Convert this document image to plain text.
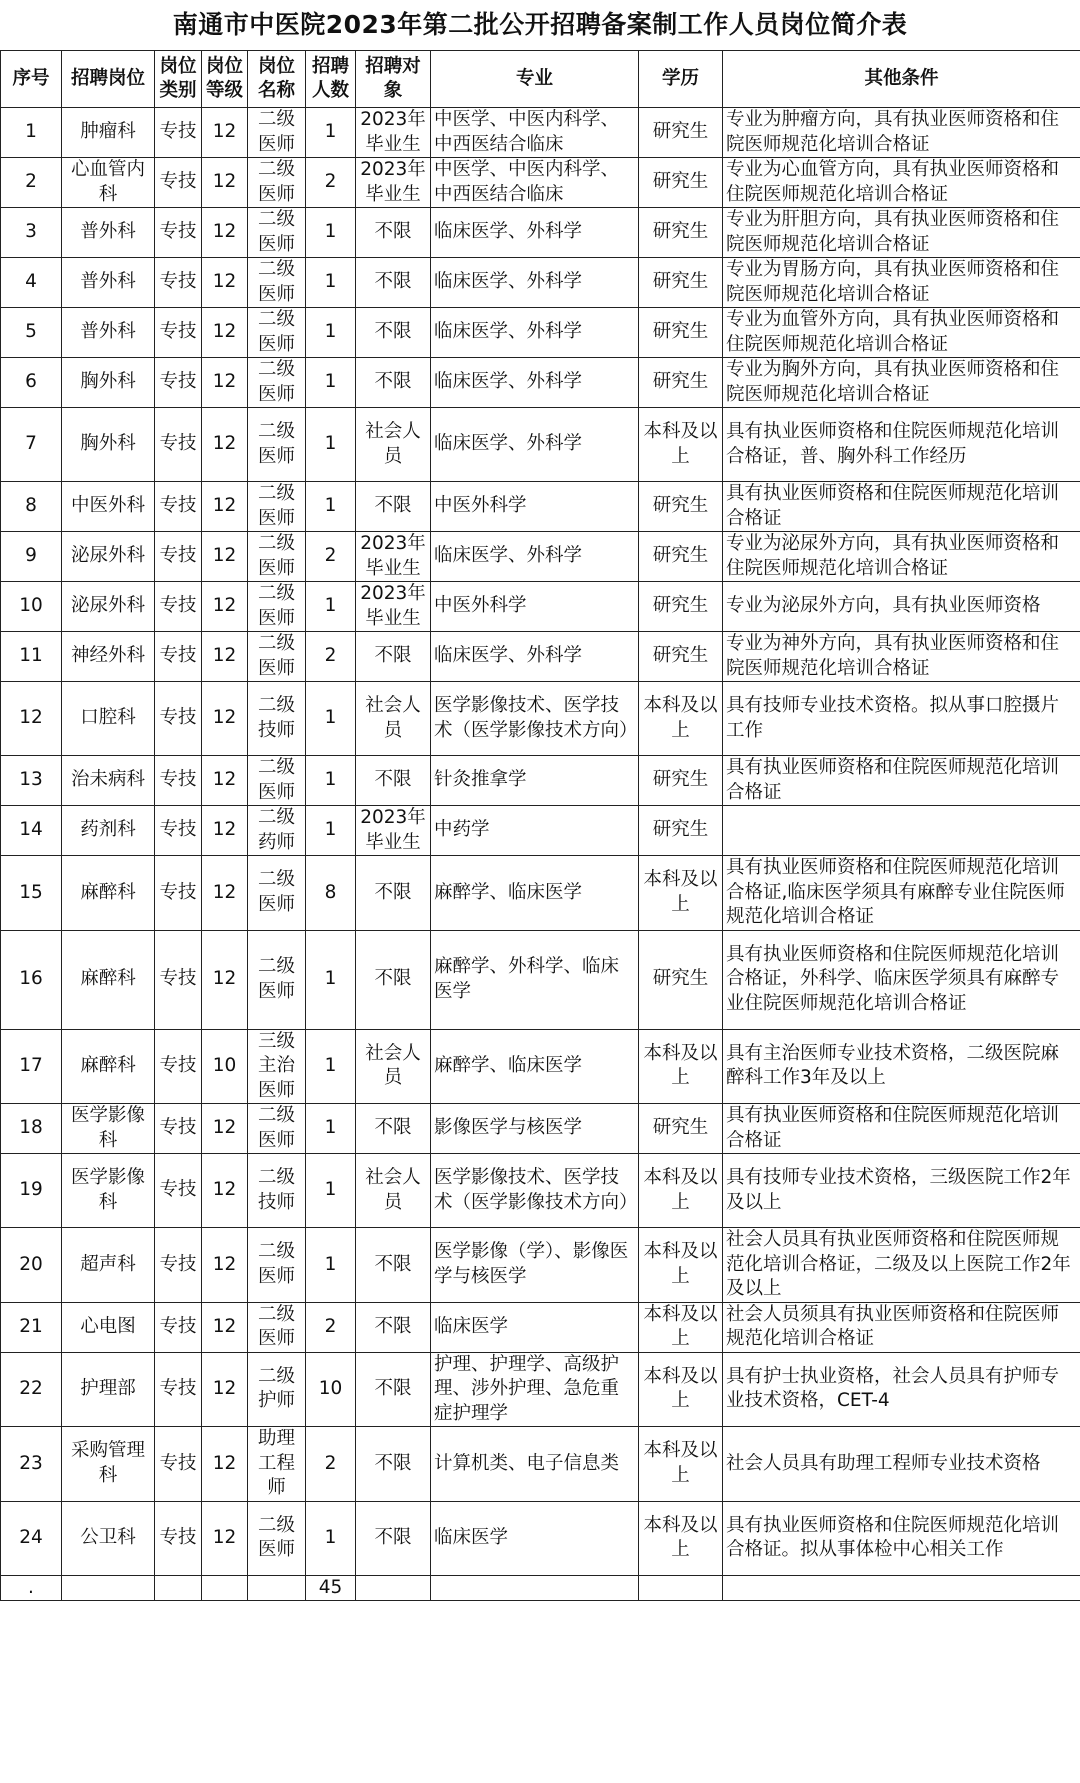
南通市中医院2023年第二批公开招聘备案制工作人员岗位简介表
序号	招聘岗位	岗位类别	岗位等级	岗位名称	招聘人数	招聘对象	专业	学历	其他条件
1	肿瘤科	专技	12	二级医师	1	2023年毕业生	中医学、中医内科学、中西医结合临床	研究生	专业为肿瘤方向，具有执业医师资格和住院医师规范化培训合格证
2	心血管内科	专技	12	二级医师	2	2023年毕业生	中医学、中医内科学、中西医结合临床	研究生	专业为心血管方向，具有执业医师资格和住院医师规范化培训合格证
3	普外科	专技	12	二级医师	1	不限	临床医学、外科学	研究生	专业为肝胆方向，具有执业医师资格和住院医师规范化培训合格证
4	普外科	专技	12	二级医师	1	不限	临床医学、外科学	研究生	专业为胃肠方向，具有执业医师资格和住院医师规范化培训合格证
5	普外科	专技	12	二级医师	1	不限	临床医学、外科学	研究生	专业为血管外方向，具有执业医师资格和住院医师规范化培训合格证
6	胸外科	专技	12	二级医师	1	不限	临床医学、外科学	研究生	专业为胸外方向，具有执业医师资格和住院医师规范化培训合格证
7	胸外科	专技	12	二级医师	1	社会人员	临床医学、外科学	本科及以上	具有执业医师资格和住院医师规范化培训合格证，普、胸外科工作经历
8	中医外科	专技	12	二级医师	1	不限	中医外科学	研究生	具有执业医师资格和住院医师规范化培训合格证
9	泌尿外科	专技	12	二级医师	2	2023年毕业生	临床医学、外科学	研究生	专业为泌尿外方向，具有执业医师资格和住院医师规范化培训合格证
10	泌尿外科	专技	12	二级医师	1	2023年毕业生	中医外科学	研究生	专业为泌尿外方向，具有执业医师资格
11	神经外科	专技	12	二级医师	2	不限	临床医学、外科学	研究生	专业为神外方向，具有执业医师资格和住院医师规范化培训合格证
12	口腔科	专技	12	二级技师	1	社会人员	医学影像技术、医学技术（医学影像技术方向）	本科及以上	具有技师专业技术资格。拟从事口腔摄片工作
13	治未病科	专技	12	二级医师	1	不限	针灸推拿学	研究生	具有执业医师资格和住院医师规范化培训合格证
14	药剂科	专技	12	二级药师	1	2023年毕业生	中药学	研究生	
15	麻醉科	专技	12	二级医师	8	不限	麻醉学、临床医学	本科及以上	具有执业医师资格和住院医师规范化培训合格证,临床医学须具有麻醉专业住院医师规范化培训合格证
16	麻醉科	专技	12	二级医师	1	不限	麻醉学、外科学、临床医学	研究生	具有执业医师资格和住院医师规范化培训合格证，外科学、临床医学须具有麻醉专业住院医师规范化培训合格证
17	麻醉科	专技	10	三级主治医师	1	社会人员	麻醉学、临床医学	本科及以上	具有主治医师专业技术资格，二级医院麻醉科工作3年及以上
18	医学影像科	专技	12	二级医师	1	不限	影像医学与核医学	研究生	具有执业医师资格和住院医师规范化培训合格证
19	医学影像科	专技	12	二级技师	1	社会人员	医学影像技术、医学技术（医学影像技术方向）	本科及以上	具有技师专业技术资格，三级医院工作2年及以上
20	超声科	专技	12	二级医师	1	不限	医学影像（学）、影像医学与核医学	本科及以上	社会人员具有执业医师资格和住院医师规范化培训合格证，二级及以上医院工作2年及以上
21	心电图	专技	12	二级医师	2	不限	临床医学	本科及以上	社会人员须具有执业医师资格和住院医师规范化培训合格证
22	护理部	专技	12	二级护师	10	不限	护理、护理学、高级护理、涉外护理、急危重症护理学	本科及以上	具有护士执业资格，社会人员具有护师专业技术资格，CET-4
23	采购管理科	专技	12	助理工程师	2	不限	计算机类、电子信息类	本科及以上	社会人员具有助理工程师专业技术资格
24	公卫科	专技	12	二级医师	1	不限	临床医学	本科及以上	具有执业医师资格和住院医师规范化培训合格证。拟从事体检中心相关工作
.					45				
